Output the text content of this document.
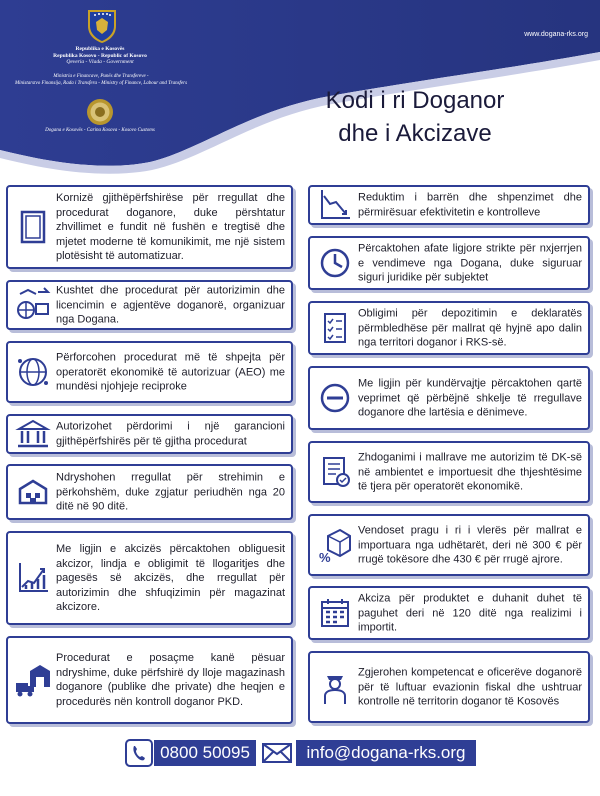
Republika e Kosovës
Republika Kosovo - Republic of Kosovo
Qeveria - Vlada - Government
Ministria e Financave, Punës dhe Transfereve -
Ministarstvo Finansija, Rada i Transfera - Ministry of Finance, Labour and Transfers
Dogana e Kosovës - Carina Kosova - Kosovo Customs
www.dogana-rks.org
Kodi i ri Doganor dhe i Akcizave
Kornizë gjithëpërfshirëse për rregullat dhe procedurat doganore, duke përshtatur zhvillimet e fundit në fushën e tregtisë dhe mjetet moderne të komunikimit, me një sistem plotësisht të automatizuar.
Kushtet dhe procedurat për autorizimin dhe licencimin e agjentëve doganorë, organizuar nga Dogana.
Përforcohen procedurat më të shpejta për operatorët ekonomikë të autorizuar (AEO) me mundësi njohjeje reciproke
Autorizohet përdorimi i një garancioni gjithëpërfshirës për të gjitha procedurat
Ndryshohen rregullat për strehimin e përkohshëm, duke zgjatur periudhën nga 20 ditë në 90 ditë.
Me ligjin e akcizës përcaktohen obliguesit akcizor, lindja e obligimit të llogaritjes dhe pagesës së akcizës, dhe rregullat për autorizimin dhe shfuqizimin për magazinat akcizore.
Procedurat e posaçme kanë pësuar ndryshime, duke përfshirë dy lloje magazinash doganore (publike dhe private) dhe heqjen e procedurës nën kontroll doganor PKD.
Reduktim i barrën dhe shpenzimet dhe përmirësuar efektivitetin e kontrolleve
Përcaktohen afate ligjore strikte për nxjerrjen e vendimeve nga Dogana, duke siguruar siguri juridike për subjektet
Obligimi për depozitimin e deklaratës përmbledhëse për mallrat që hyjnë apo dalin nga territori doganor i RKS-së.
Me ligjin për kundërvajtje përcaktohen qartë veprimet që përbëjnë shkelje të rregullave doganore dhe lartësia e dënimeve.
Zhdoganimi i mallrave me autorizim të DK-së në ambientet e importuesit dhe thjeshtësime të tjera për operatorët ekonomikë.
%
Vendoset pragu i ri i vlerës për mallrat e importuara nga udhëtarët, deri në 300 € për rrugë tokësore dhe 430 € për rrugë ajrore.
Akciza për produktet e duhanit duhet të paguhet deri në 120 ditë nga realizimi i importit.
Zgjerohen kompetencat e oficerëve doganorë për të luftuar evazionin fiskal dhe ushtruar kontrolle në territorin doganor të Kosovës
0800 50095	info@dogana-rks.org
